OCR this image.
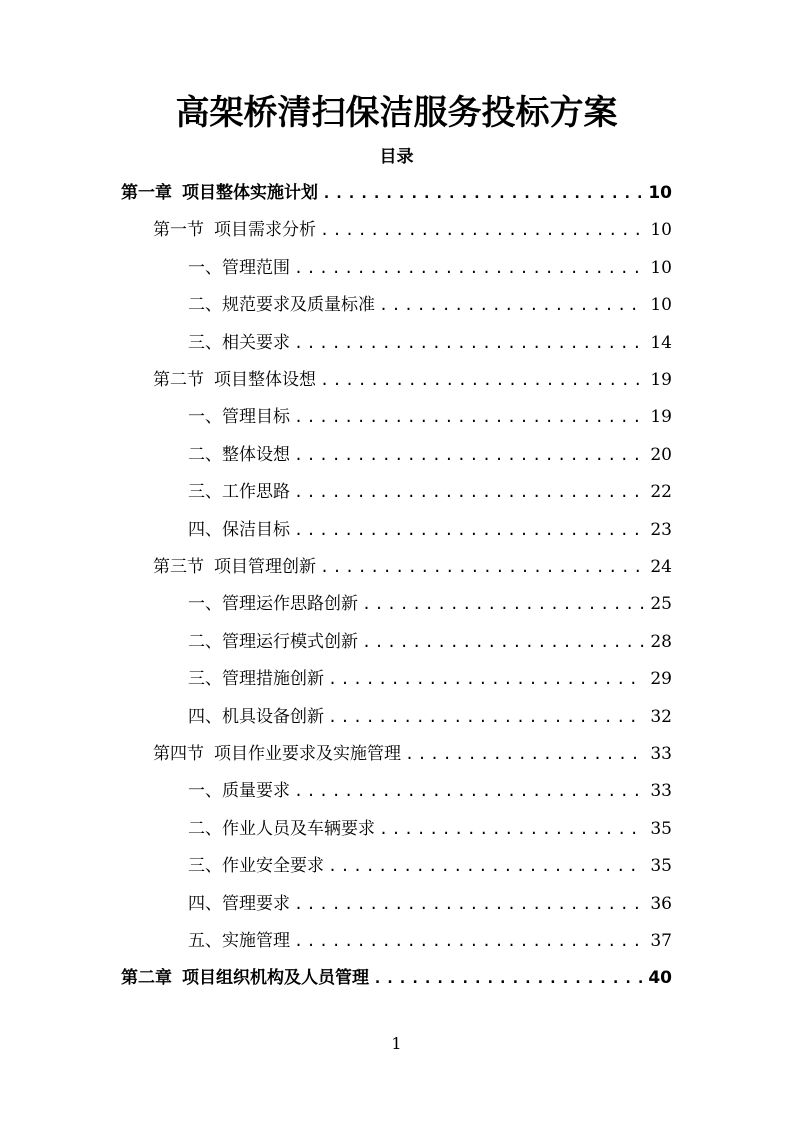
高架桥清扫保洁服务投标方案
目录
第一章 项目整体实施计划 .....	10
第一节 项目需求分析 .....	10
一、管理范围 .....	10
二、规范要求及质量标准 .....	10
三、相关要求 .....	14
第二节 项目整体设想 .....	19
一、管理目标 .....	19
二、整体设想 .....	20
三、工作思路 .....	22
四、保洁目标 .....	23
第三节 项目管理创新 .....	24
一、管理运作思路创新 .....	25
二、管理运行模式创新 .....	28
三、管理措施创新 .....	29
四、机具设备创新 .....	32
第四节 项目作业要求及实施管理 .....	33
一、质量要求 .....	33
二、作业人员及车辆要求 .....	35
三、作业安全要求 .....	35
四、管理要求 .....	36
五、实施管理 .....	37
第二章 项目组织机构及人员管理 .....	40
1
